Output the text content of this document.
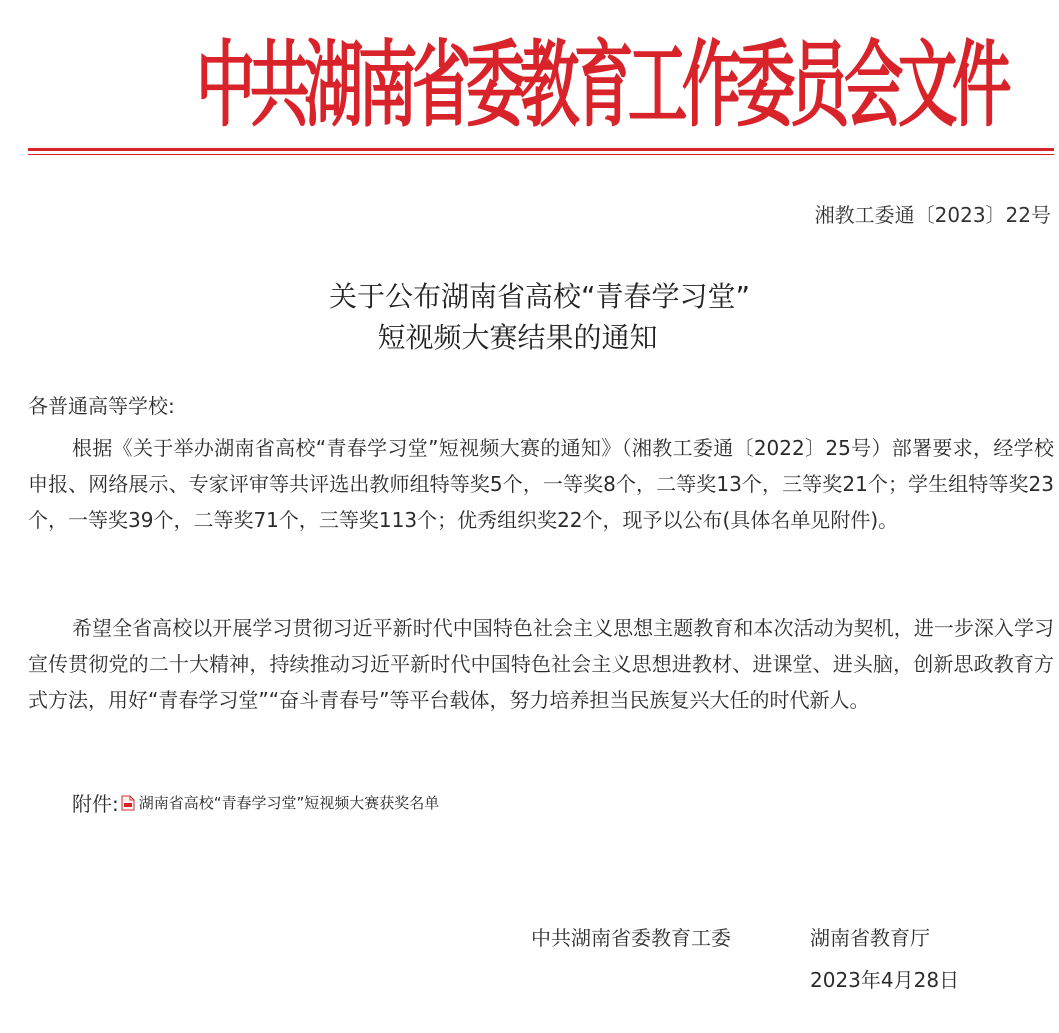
中共湖南省委教育工作委员会文件
湘教工委通〔2023〕22号
关于公布湖南省高校“青春学习堂”
短视频大赛结果的通知
各普通高等学校:

根据《关于举办湖南省高校“青春学习堂”短视频大赛的通知》（湘教工委通〔2022〕25号）部署要求，经学校申报、网络展示、专家评审等共评选出教师组特等奖5个，一等奖8个，二等奖13个，三等奖21个；学生组特等奖23个，一等奖39个，二等奖71个，三等奖113个；优秀组织奖22个，现予以公布(具体名单见附件)。

希望全省高校以开展学习贯彻习近平新时代中国特色社会主义思想主题教育和本次活动为契机，进一步深入学习宣传贯彻党的二十大精神，持续推动习近平新时代中国特色社会主义思想进教材、进课堂、进头脑，创新思政教育方式方法，用好“青春学习堂”“奋斗青春号”等平台载体，努力培养担当民族复兴大任的时代新人。

附件: 湖南省高校“青春学习堂”短视频大赛获奖名单
中共湖南省委教育工委	湖南省教育厅
2023年4月28日
